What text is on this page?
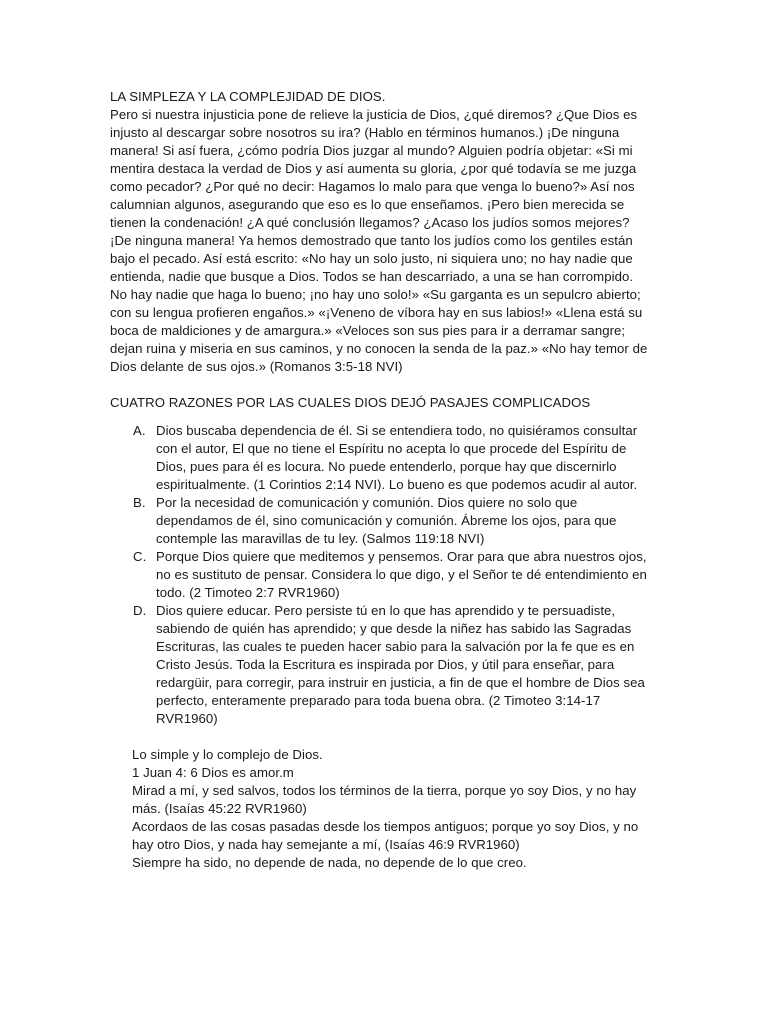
LA SIMPLEZA Y LA COMPLEJIDAD DE DIOS.

Pero si nuestra injusticia pone de relieve la justicia de Dios, ¿qué diremos? ¿Que Dios es injusto al descargar sobre nosotros su ira? (Hablo en términos humanos.) ¡De ninguna manera! Si así fuera, ¿cómo podría Dios juzgar al mundo? Alguien podría objetar: «Si mi mentira destaca la verdad de Dios y así aumenta su gloria, ¿por qué todavía se me juzga como pecador? ¿Por qué no decir: Hagamos lo malo para que venga lo bueno?» Así nos calumnian algunos, asegurando que eso es lo que enseñamos. ¡Pero bien merecida se tienen la condenación! ¿A qué conclusión llegamos? ¿Acaso los judíos somos mejores? ¡De ninguna manera! Ya hemos demostrado que tanto los judíos como los gentiles están bajo el pecado. Así está escrito: «No hay un solo justo, ni siquiera uno; no hay nadie que entienda, nadie que busque a Dios. Todos se han descarriado, a una se han corrompido. No hay nadie que haga lo bueno; ¡no hay uno solo!» «Su garganta es un sepulcro abierto; con su lengua profieren engaños.» «¡Veneno de víbora hay en sus labios!» «Llena está su boca de maldiciones y de amargura.» «Veloces son sus pies para ir a derramar sangre; dejan ruina y miseria en sus caminos, y no conocen la senda de la paz.» «No hay temor de Dios delante de sus ojos.» (Romanos 3:5-18 NVI)

CUATRO RAZONES POR LAS CUALES DIOS DEJÓ PASAJES COMPLICADOS

A. Dios buscaba dependencia de él. Si se entendiera todo, no quisiéramos consultar con el autor, El que no tiene el Espíritu no acepta lo que procede del Espíritu de Dios, pues para él es locura. No puede entenderlo, porque hay que discernirlo espiritualmente. (1 Corintios 2:14 NVI). Lo bueno es que podemos acudir al autor.
B. Por la necesidad de comunicación y comunión. Dios quiere no solo que dependamos de él, sino comunicación y comunión. Ábreme los ojos, para que contemple las maravillas de tu ley. (Salmos 119:18 NVI)
C. Porque Dios quiere que meditemos y pensemos. Orar para que abra nuestros ojos, no es sustituto de pensar. Considera lo que digo, y el Señor te dé entendimiento en todo. (2 Timoteo 2:7 RVR1960)
D. Dios quiere educar. Pero persiste tú en lo que has aprendido y te persuadiste, sabiendo de quién has aprendido; y que desde la niñez has sabido las Sagradas Escrituras, las cuales te pueden hacer sabio para la salvación por la fe que es en Cristo Jesús. Toda la Escritura es inspirada por Dios, y útil para enseñar, para redargüir, para corregir, para instruir en justicia, a fin de que el hombre de Dios sea perfecto, enteramente preparado para toda buena obra. (2 Timoteo 3:14-17 RVR1960)

Lo simple y lo complejo de Dios.

1 Juan 4: 6 Dios es amor.m

Mirad a mí, y sed salvos, todos los términos de la tierra, porque yo soy Dios, y no hay más. (Isaías 45:22 RVR1960)

Acordaos de las cosas pasadas desde los tiempos antiguos; porque yo soy Dios, y no hay otro Dios, y nada hay semejante a mí, (Isaías 46:9 RVR1960)

Siempre ha sido, no depende de nada, no depende de lo que creo.
